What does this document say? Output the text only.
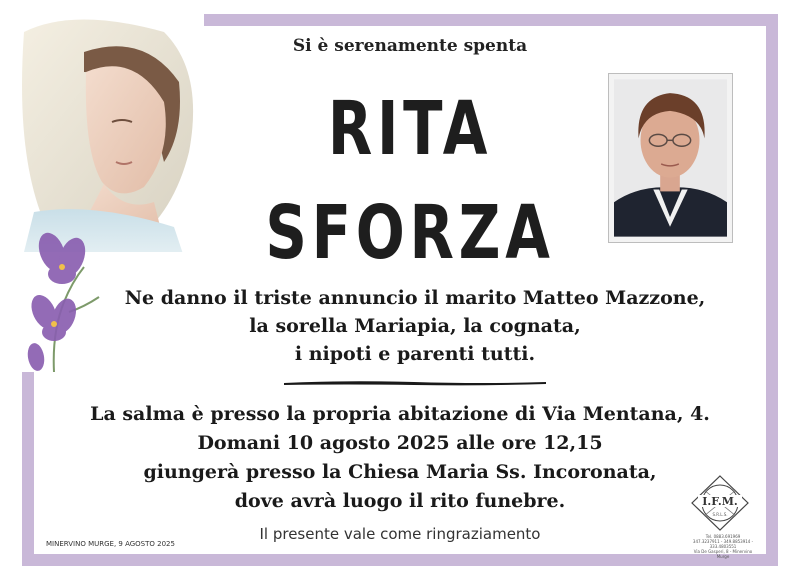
Si è serenamente spenta
RITA
SFORZA
Ne danno il triste annuncio il marito Matteo Mazzone,
la sorella Mariapia, la cognata,
i nipoti e parenti tutti.
La salma è presso la propria abitazione di Via Mentana, 4.
Domani 10 agosto 2025 alle ore 12,15
giungerà presso la Chiesa Maria Ss. Incoronata,
dove avrà luogo il rito funebre.
Il presente vale come ringraziamento
MINERVINO MURGE, 9 AGOSTO 2025
I.F.M.
S.R.L.S.
Tel. 0883.691969
347.3237911 - 349.8853914 - 333.4803551
Via De Gasperi, 8 - Minervino Murge
